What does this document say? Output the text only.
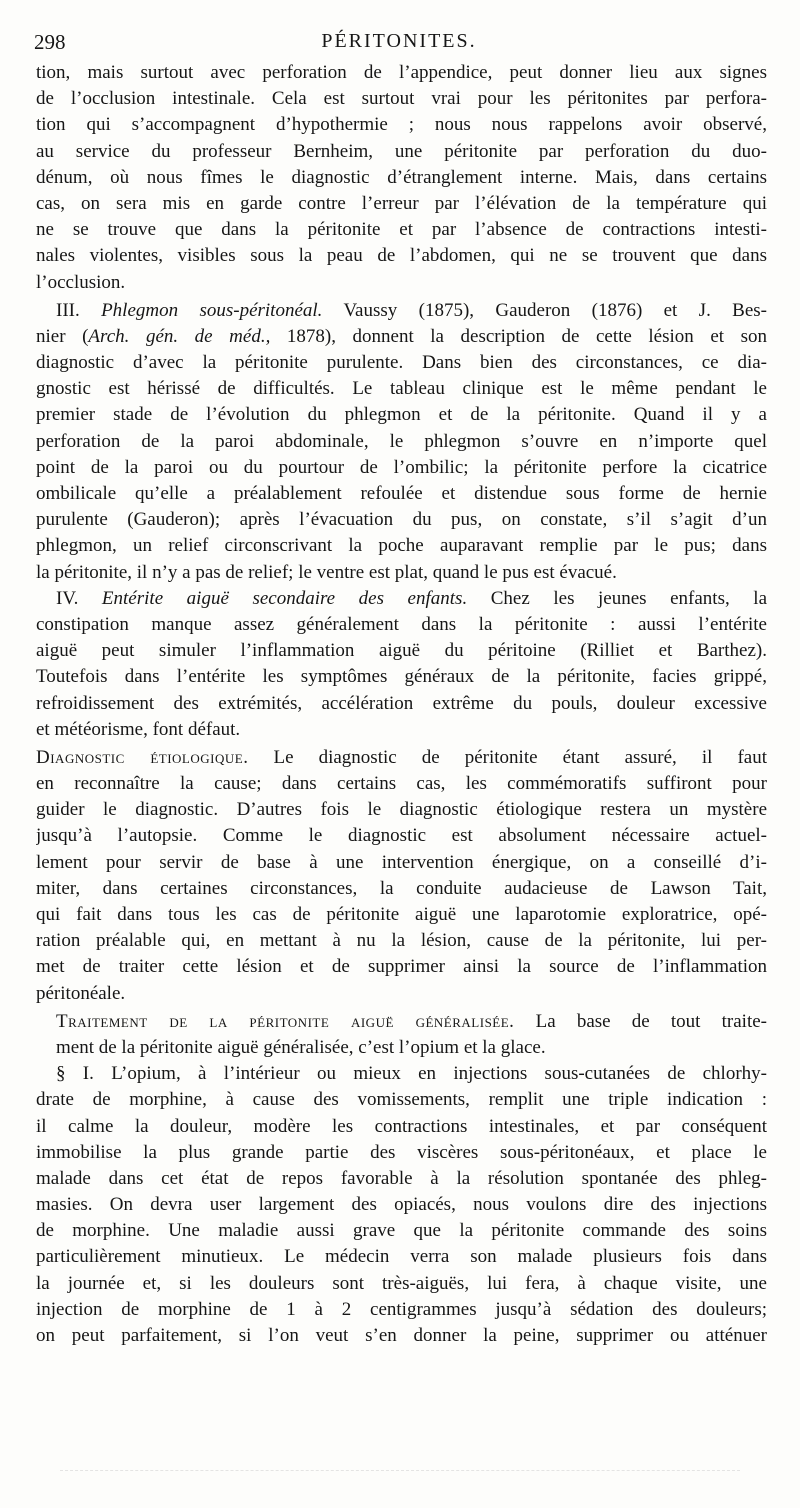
298	PÉRITONITES.
tion, mais surtout avec perforation de l’appendice, peut donner lieu aux signes
de l’occlusion intestinale. Cela est surtout vrai pour les péritonites par perfora-
tion qui s’accompagnent d’hypothermie ; nous nous rappelons avoir observé,
au service du professeur Bernheim, une péritonite par perforation du duo-
dénum, où nous fîmes le diagnostic d’étranglement interne. Mais, dans certains
cas, on sera mis en garde contre l’erreur par l’élévation de la température qui
ne se trouve que dans la péritonite et par l’absence de contractions intesti-
nales violentes, visibles sous la peau de l’abdomen, qui ne se trouvent que dans
l’occlusion.
III. Phlegmon sous-péritonéal. Vaussy (1875), Gauderon (1876) et J. Bes-
nier (Arch. gén. de méd., 1878), donnent la description de cette lésion et son
diagnostic d’avec la péritonite purulente. Dans bien des circonstances, ce dia-
gnostic est hérissé de difficultés. Le tableau clinique est le même pendant le
premier stade de l’évolution du phlegmon et de la péritonite. Quand il y a
perforation de la paroi abdominale, le phlegmon s’ouvre en n’importe quel
point de la paroi ou du pourtour de l’ombilic; la péritonite perfore la cicatrice
ombilicale qu’elle a préalablement refoulée et distendue sous forme de hernie
purulente (Gauderon); après l’évacuation du pus, on constate, s’il s’agit d’un
phlegmon, un relief circonscrivant la poche auparavant remplie par le pus; dans
la péritonite, il n’y a pas de relief; le ventre est plat, quand le pus est évacué.
IV. Entérite aiguë secondaire des enfants. Chez les jeunes enfants, la
constipation manque assez généralement dans la péritonite : aussi l’entérite
aiguë peut simuler l’inflammation aiguë du péritoine (Rilliet et Barthez).
Toutefois dans l’entérite les symptômes généraux de la péritonite, facies grippé,
refroidissement des extrémités, accélération extrême du pouls, douleur excessive
et météorisme, font défaut.
Diagnostic étiologique. Le diagnostic de péritonite étant assuré, il faut
en reconnaître la cause; dans certains cas, les commémoratifs suffiront pour
guider le diagnostic. D’autres fois le diagnostic étiologique restera un mystère
jusqu’à l’autopsie. Comme le diagnostic est absolument nécessaire actuel-
lement pour servir de base à une intervention énergique, on a conseillé d’i-
miter, dans certaines circonstances, la conduite audacieuse de Lawson Tait,
qui fait dans tous les cas de péritonite aiguë une laparotomie exploratrice, opé-
ration préalable qui, en mettant à nu la lésion, cause de la péritonite, lui per-
met de traiter cette lésion et de supprimer ainsi la source de l’inflammation
péritonéale.
Traitement de la péritonite aiguë généralisée. La base de tout traite-
ment de la péritonite aiguë généralisée, c’est l’opium et la glace.
§ I. L’opium, à l’intérieur ou mieux en injections sous-cutanées de chlorhy-
drate de morphine, à cause des vomissements, remplit une triple indication :
il calme la douleur, modère les contractions intestinales, et par conséquent
immobilise la plus grande partie des viscères sous-péritonéaux, et place le
malade dans cet état de repos favorable à la résolution spontanée des phleg-
masies. On devra user largement des opiacés, nous voulons dire des injections
de morphine. Une maladie aussi grave que la péritonite commande des soins
particulièrement minutieux. Le médecin verra son malade plusieurs fois dans
la journée et, si les douleurs sont très-aiguës, lui fera, à chaque visite, une
injection de morphine de 1 à 2 centigrammes jusqu’à sédation des douleurs;
on peut parfaitement, si l’on veut s’en donner la peine, supprimer ou atténuer
